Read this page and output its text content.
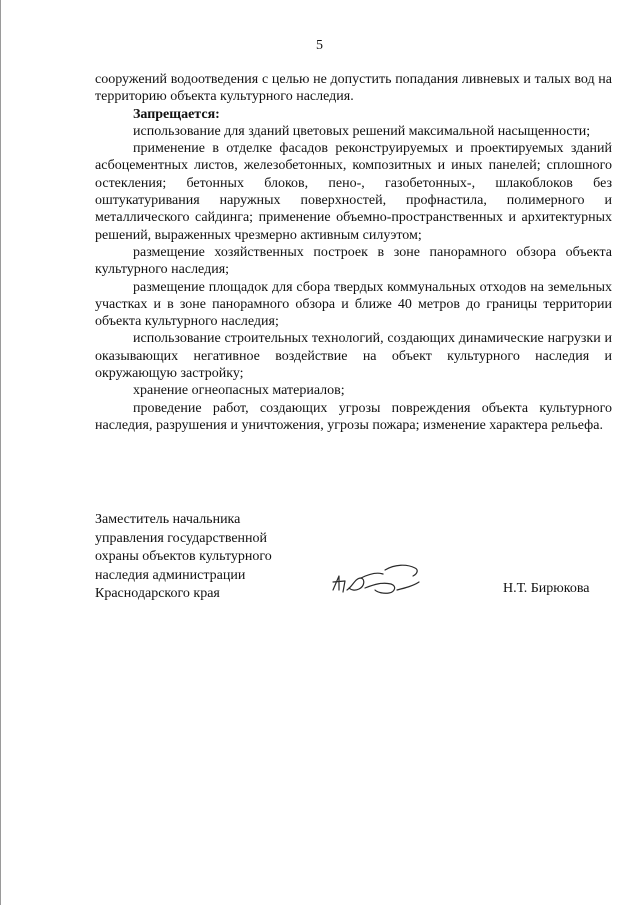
5

сооружений водоотведения с целью не допустить попадания ливневых и талых вод на территорию объекта культурного наследия.

Запрещается:

использование для зданий цветовых решений максимальной насыщенности;

применение в отделке фасадов реконструируемых и проектируемых зданий асбоцементных листов, железобетонных, композитных и иных панелей; сплошного остекления; бетонных блоков, пено-, газобетонных-, шлакоблоков без оштукатуривания наружных поверхностей, профнастила, полимерного и металлического сайдинга; применение объемно-пространственных и архитектурных решений, выраженных чрезмерно активным силуэтом;

размещение хозяйственных построек в зоне панорамного обзора объекта культурного наследия;

размещение площадок для сбора твердых коммунальных отходов на земельных участках и в зоне панорамного обзора и ближе 40 метров до границы территории объекта культурного наследия;

использование строительных технологий, создающих динамические нагрузки и оказывающих негативное воздействие на объект культурного наследия и окружающую застройку;

хранение огнеопасных материалов;

проведение работ, создающих угрозы повреждения объекта культурного наследия, разрушения и уничтожения, угрозы пожара; изменение характера рельефа.

Заместитель начальника
управления государственной
охраны объектов культурного
наследия администрации
Краснодарского края	Н.Т. Бирюкова
